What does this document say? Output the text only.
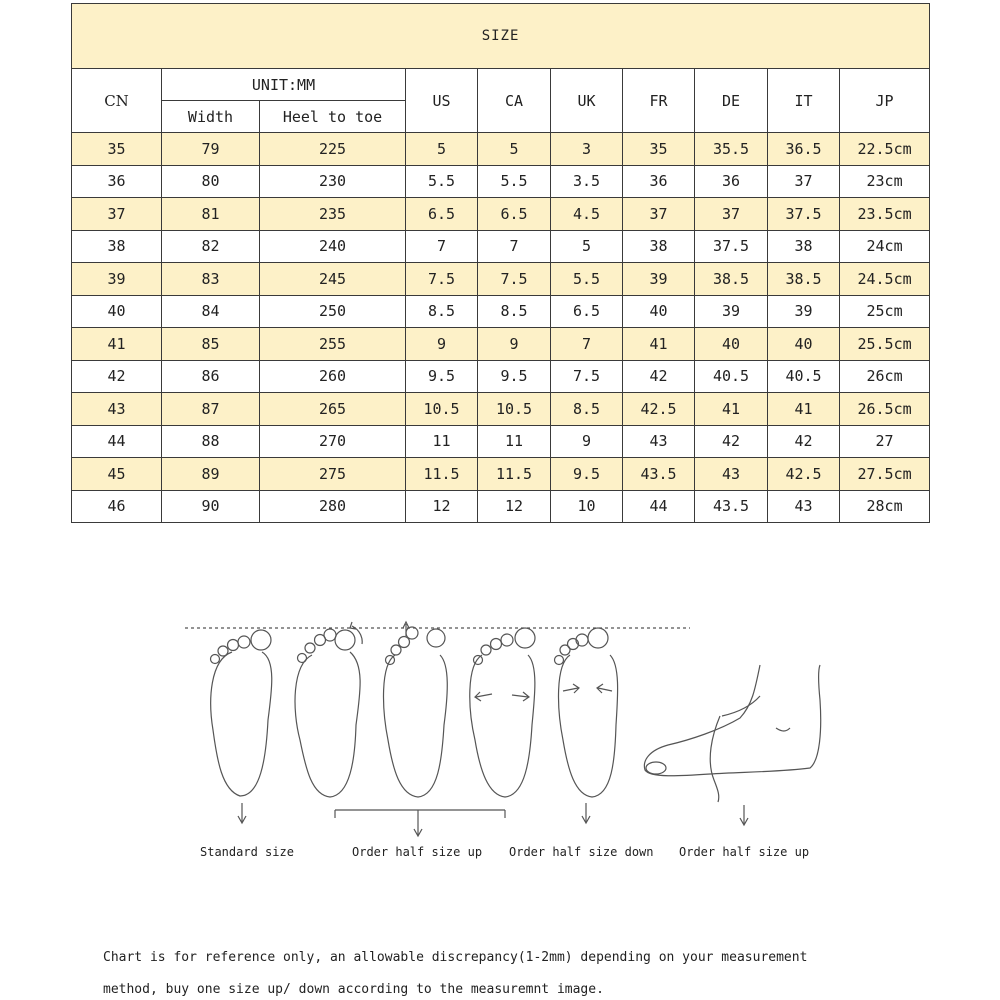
SIZE									
CN	UNIT:MM		US	CA	UK	FR	DE	IT	JP
	Width	Heel to toe							
35	79	225	5	5	3	35	35.5	36.5	22.5cm
36	80	230	5.5	5.5	3.5	36	36	37	23cm
37	81	235	6.5	6.5	4.5	37	37	37.5	23.5cm
38	82	240	7	7	5	38	37.5	38	24cm
39	83	245	7.5	7.5	5.5	39	38.5	38.5	24.5cm
40	84	250	8.5	8.5	6.5	40	39	39	25cm
41	85	255	9	9	7	41	40	40	25.5cm
42	86	260	9.5	9.5	7.5	42	40.5	40.5	26cm
43	87	265	10.5	10.5	8.5	42.5	41	41	26.5cm
44	88	270	11	11	9	43	42	42	27
45	89	275	11.5	11.5	9.5	43.5	43	42.5	27.5cm
46	90	280	12	12	10	44	43.5	43	28cm
Standard size	Order half size up Order half size down Order half size up
Chart is for reference only, an allowable discrepancy(1-2mm) depending on your measurement
method, buy one size up/ down according to the measuremnt image.
